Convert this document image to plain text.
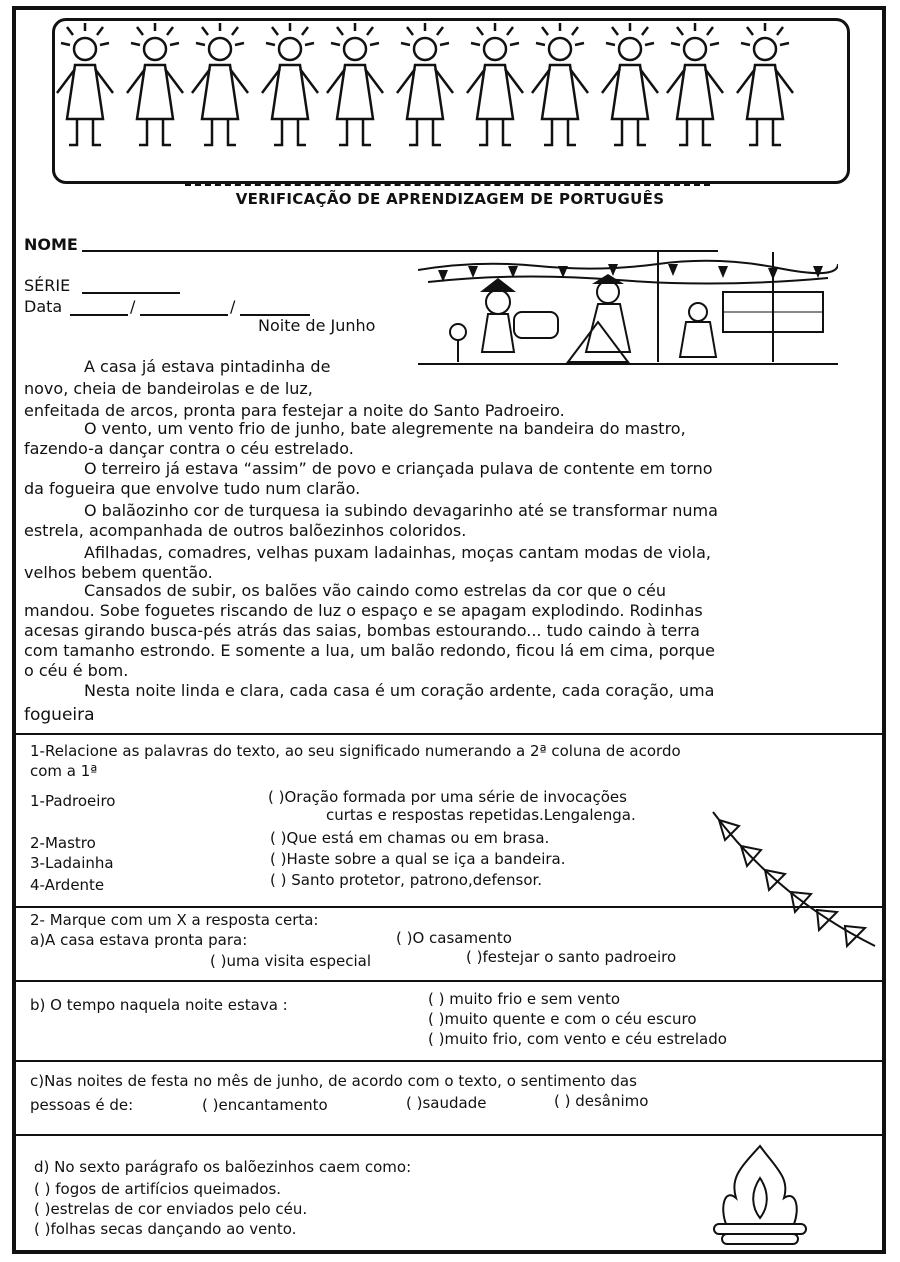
VERIFICAÇÃO DE APRENDIZAGEM DE PORTUGUÊS
NOME
SÉRIE
Data	/	/
Noite de Junho
A casa já estava pintadinha de
novo, cheia de bandeirolas e de luz,
enfeitada de arcos, pronta para festejar a noite do Santo Padroeiro.
O vento, um vento frio de junho, bate alegremente na bandeira do mastro,
fazendo-a dançar contra o céu estrelado.
O terreiro já estava “assim” de povo e criançada pulava de contente em torno
da fogueira que envolve tudo num clarão.
O balãozinho cor de turquesa ia subindo devagarinho até se transformar numa
estrela, acompanhada de outros balõezinhos coloridos.
Afilhadas, comadres, velhas puxam ladainhas, moças cantam modas de viola,
velhos bebem quentão.
Cansados de subir, os balões vão caindo como estrelas da cor que o céu
mandou. Sobe foguetes riscando de luz o espaço e se apagam explodindo. Rodinhas
acesas girando busca-pés atrás das saias, bombas estourando... tudo caindo à terra
com tamanho estrondo. E somente a lua, um balão redondo, ficou lá em cima, porque
o céu é bom.
Nesta noite linda e clara, cada casa é um coração ardente, cada coração, uma
fogueira
1-Relacione as palavras do texto, ao seu significado numerando a 2ª coluna de acordo
com a 1ª
1-Padroeiro
2-Mastro
3-Ladainha
4-Ardente
( )Oração formada por uma série de invocações
curtas e respostas repetidas.Lengalenga.
( )Que está em chamas ou em brasa.
( )Haste sobre a qual se iça a bandeira.
( ) Santo protetor, patrono,defensor.
2- Marque com um X a resposta certa:
a)A casa estava pronta para:	( )O casamento
( )uma visita especial	( )festejar o santo padroeiro
b) O tempo naquela noite estava :	( ) muito frio e sem vento
( )muito quente e com o céu escuro
( )muito frio, com vento e céu estrelado
c)Nas noites de festa no mês de junho, de acordo com o texto, o sentimento das
pessoas é de:	( )encantamento	( )saudade	( ) desânimo
d) No sexto parágrafo os balõezinhos caem como:
( ) fogos de artifícios queimados.
( )estrelas de cor enviados pelo céu.
( )folhas secas dançando ao vento.
